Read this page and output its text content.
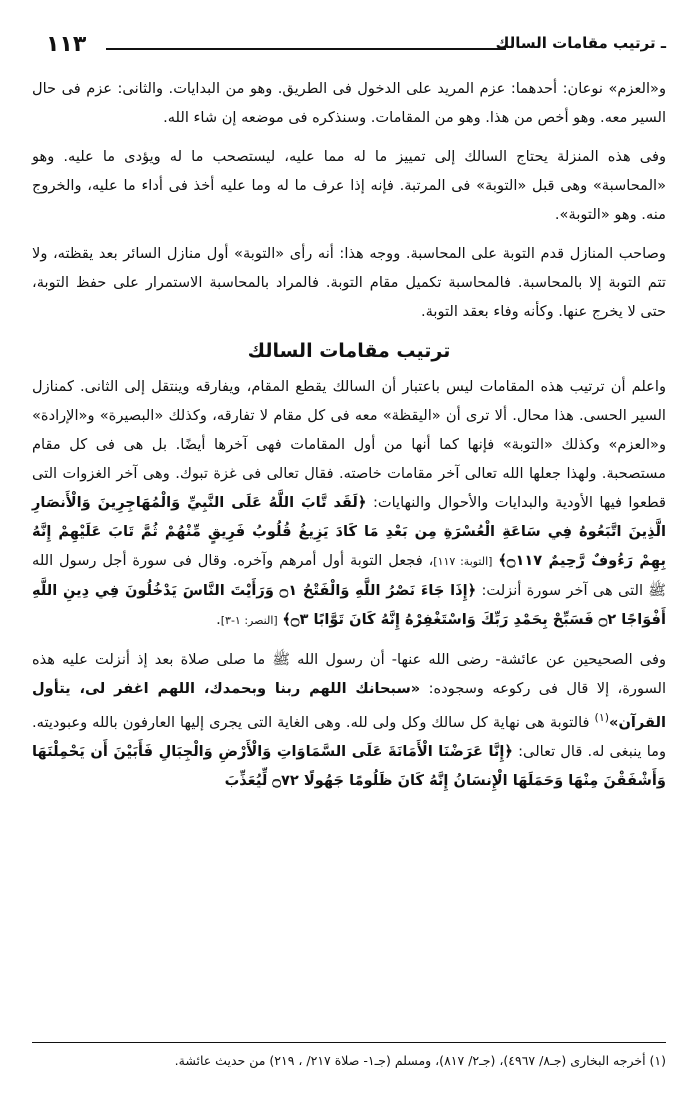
ـ ترتيب مقامات السالك
١١٣

و«العزم» نوعان: أحدهما: عزم المريد على الدخول فى الطريق. وهو من البدايات. والثانى: عزم فى حال السير معه. وهو أخص من هذا. وهو من المقامات. وسنذكره فى موضعه إن شاء الله.

وفى هذه المنزلة يحتاج السالك إلى تمييز ما له مما عليه، ليستصحب ما له ويؤدى ما عليه. وهو «المحاسبة» وهى قبل «التوبة» فى المرتبة. فإنه إذا عرف ما له وما عليه أخذ فى أداء ما عليه، والخروج منه. وهو «التوبة».

وصاحب المنازل قدم التوبة على المحاسبة. ووجه هذا: أنه رأى «التوبة» أول منازل السائر بعد يقظته، ولا تتم التوبة إلا بالمحاسبة. فالمحاسبة تكميل مقام التوبة. فالمراد بالمحاسبة الاستمرار على حفظ التوبة، حتى لا يخرج عنها. وكأنه وفاء بعقد التوبة.

ترتيب مقامات السالك

واعلم أن ترتيب هذه المقامات ليس باعتبار أن السالك يقطع المقام، ويفارقه وينتقل إلى الثانى. كمنازل السير الحسى. هذا محال. ألا ترى أن «اليقظة» معه فى كل مقام لا تفارقه، وكذلك «البصيرة» و«الإرادة» و«العزم» وكذلك «التوبة» فإنها كما أنها من أول المقامات فهى آخرها أيضًا. بل هى فى كل مقام مستصحبة. ولهذا جعلها الله تعالى آخر مقامات خاصته. فقال تعالى فى غزة تبوك. وهى آخر الغزوات التى قطعوا فيها الأودية والبدايات والأحوال والنهايات: ﴿لَقَد تَّابَ اللَّهُ عَلَى النَّبِيِّ وَالْمُهَاجِرِينَ وَالْأَنصَارِ الَّذِينَ اتَّبَعُوهُ فِي سَاعَةِ الْعُسْرَةِ مِن بَعْدِ مَا كَادَ يَزِيغُ قُلُوبُ فَرِيقٍ مِّنْهُمْ ثُمَّ تَابَ عَلَيْهِمْ إِنَّهُ بِهِمْ رَءُوفٌ رَّحِيمٌ ۝١١٧﴾ [التوبة: ١١٧]، فجعل التوبة أول أمرهم وآخره. وقال فى سورة أجل رسول الله ﷺ التى هى آخر سورة أنزلت: ﴿إِذَا جَاءَ نَصْرُ اللَّهِ وَالْفَتْحُ ۝١ وَرَأَيْتَ النَّاسَ يَدْخُلُونَ فِي دِينِ اللَّهِ أَفْوَاجًا ۝٢ فَسَبِّحْ بِحَمْدِ رَبِّكَ وَاسْتَغْفِرْهُ إِنَّهُ كَانَ تَوَّابًا ۝٣﴾ [النصر: ١-٣].

وفى الصحيحين عن عائشة- رضى الله عنها- أن رسول الله ﷺ ما صلى صلاة بعد إذ أنزلت عليه هذه السورة، إلا قال فى ركوعه وسجوده: «سبحانك اللهم ربنا وبحمدك، اللهم اغفر لى، يتأول القرآن»$^{(١)}$ فالتوبة هى نهاية كل سالك وكل ولى لله. وهى الغاية التى يجرى إليها العارفون بالله وعبوديته. وما ينبغى له. قال تعالى: ﴿إِنَّا عَرَضْنَا الْأَمَانَةَ عَلَى السَّمَاوَاتِ وَالْأَرْضِ وَالْجِبَالِ فَأَبَيْنَ أَن يَحْمِلْنَهَا وَأَشْفَقْنَ مِنْهَا وَحَمَلَهَا الْإِنسَانُ إِنَّهُ كَانَ ظَلُومًا جَهُولًا ۝٧٢ لِّيُعَذِّبَ

(١) أخرجه البخارى (جـ٨/ ٤٩٦٧)، (جـ٢/ ٨١٧)، ومسلم (جـ١- صلاة ٢١٧/ ، ٢١٩) من حديث عائشة.
